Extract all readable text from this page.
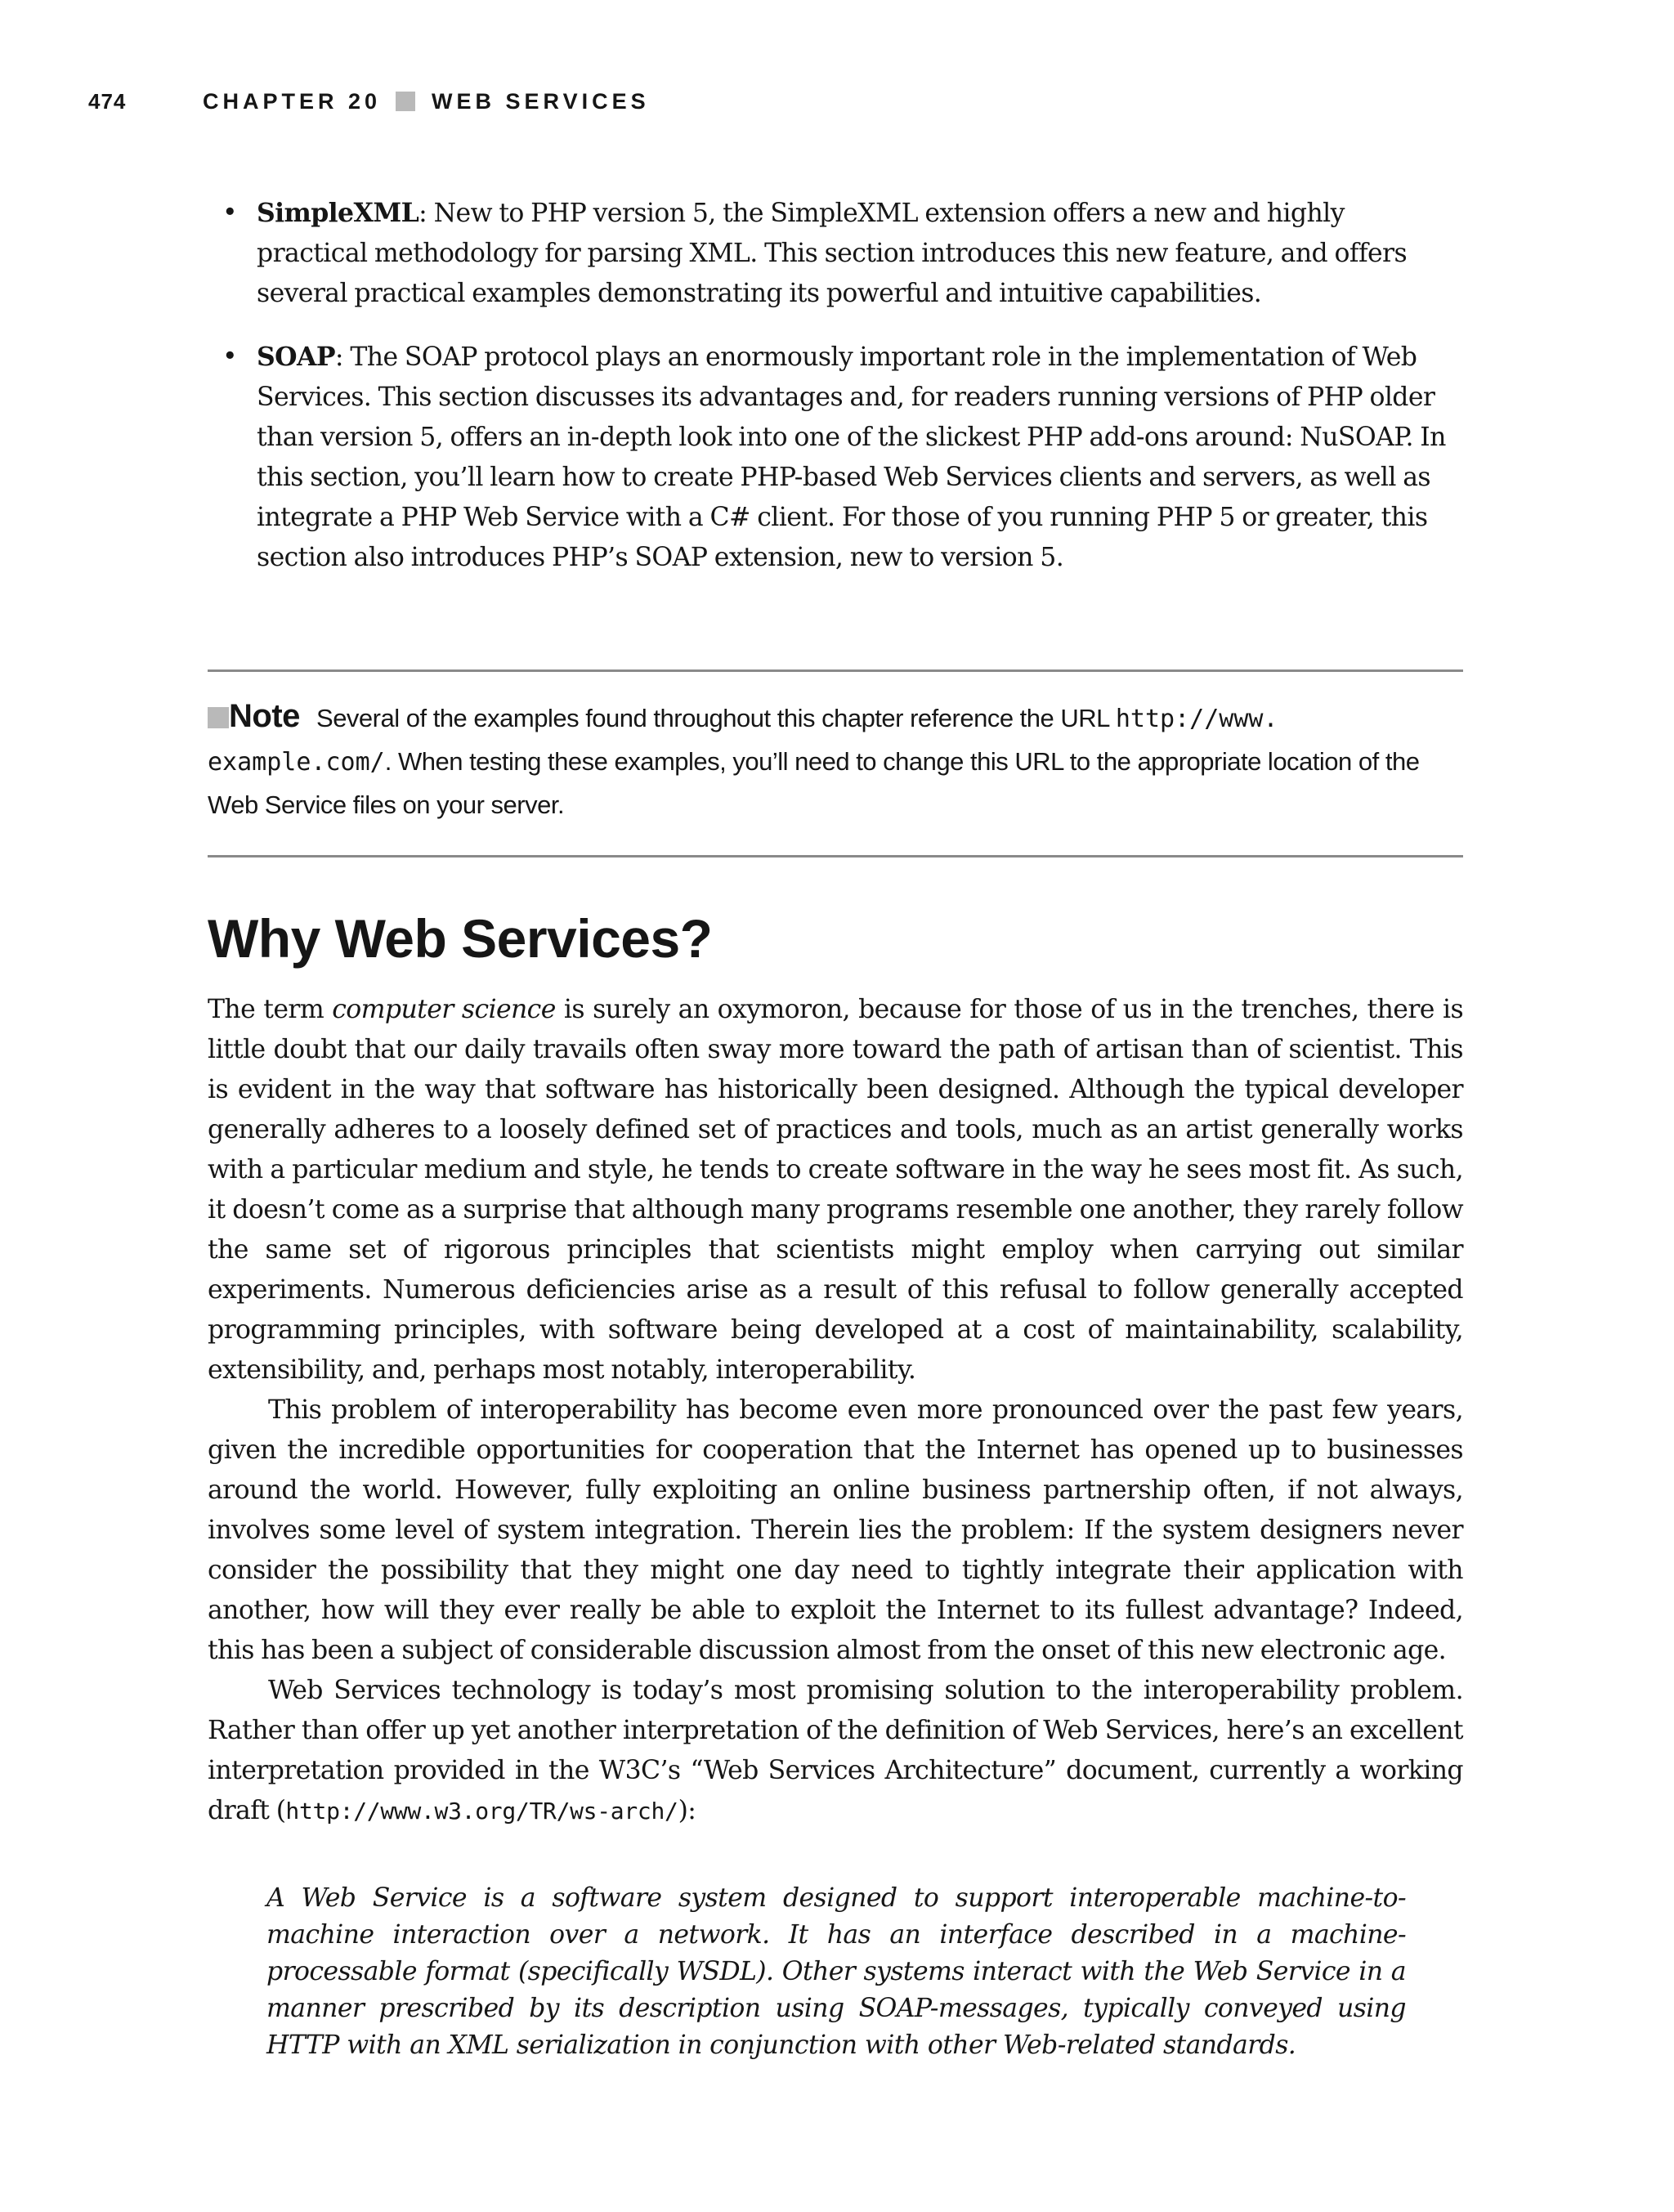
474	CHAPTER 20 WEB SERVICES
• SimpleXML: New to PHP version 5, the SimpleXML extension offers a new and highly practical methodology for parsing XML. This section introduces this new feature, and offers several practical examples demonstrating its powerful and intuitive capabilities.
• SOAP: The SOAP protocol plays an enormously important role in the implementation of Web Services. This section discusses its advantages and, for readers running versions of PHP older than version 5, offers an in-depth look into one of the slickest PHP add-ons around: NuSOAP. In this section, you’ll learn how to create PHP-based Web Services clients and servers, as well as integrate a PHP Web Service with a C# client. For those of you running PHP 5 or greater, this section also introduces PHP’s SOAP extension, new to version 5.
Note Several of the examples found throughout this chapter reference the URL http://www.
example.com/. When testing these examples, you’ll need to change this URL to the appropriate location of the Web Service files on your server.
Why Web Services?

The term computer science is surely an oxymoron, because for those of us in the trenches, there is little doubt that our daily travails often sway more toward the path of artisan than of scientist. This is evident in the way that software has historically been designed. Although the typical developer generally adheres to a loosely defined set of practices and tools, much as an artist generally works with a particular medium and style, he tends to create software in the way he sees most fit. As such, it doesn’t come as a surprise that although many programs resemble one another, they rarely follow the same set of rigorous principles that scientists might employ when carrying out similar experiments. Numerous deficiencies arise as a result of this refusal to follow generally accepted programming principles, with software being developed at a cost of maintainability, scalability, extensibility, and, perhaps most notably, interoperability.

This problem of interoperability has become even more pronounced over the past few years, given the incredible opportunities for cooperation that the Internet has opened up to businesses around the world. However, fully exploiting an online business partnership often, if not always, involves some level of system integration. Therein lies the problem: If the system designers never consider the possibility that they might one day need to tightly integrate their application with another, how will they ever really be able to exploit the Internet to its fullest advantage? Indeed, this has been a subject of considerable discussion almost from the onset of this new electronic age.

Web Services technology is today’s most promising solution to the interoperability problem. Rather than offer up yet another interpretation of the definition of Web Services, here’s an excellent interpretation provided in the W3C’s “Web Services Architecture” document, currently a working draft (http://www.w3.org/TR/ws-arch/):

A Web Service is a software system designed to support interoperable machine-to-machine interaction over a network. It has an interface described in a machine-processable format (specifically WSDL). Other systems interact with the Web Service in a manner prescribed by its description using SOAP-messages, typically conveyed using HTTP with an XML serialization in conjunction with other Web-related standards.
